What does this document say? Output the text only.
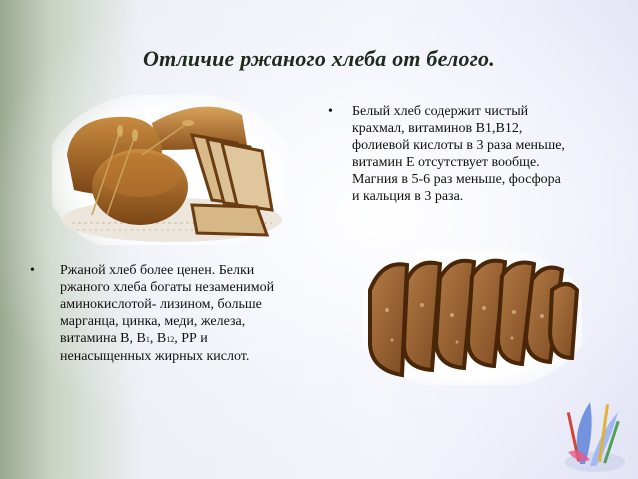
Отличие ржаного хлеба от белого.
• Белый хлеб содержит чистый
крахмал, витаминов В1,В12,
фолиевой кислоты в 3 раза меньше,
витамин Е отсутствует вообще.
Магния в 5-6 раз меньше, фосфора
и кальция в 3 раза.
• Ржаной хлеб более ценен. Белки
ржаного хлеба богаты незаменимой
аминокислотой- лизином, больше
марганца, цинка, меди, железа,
витамина В, В1, В12, РР и
ненасыщенных жирных кислот.
